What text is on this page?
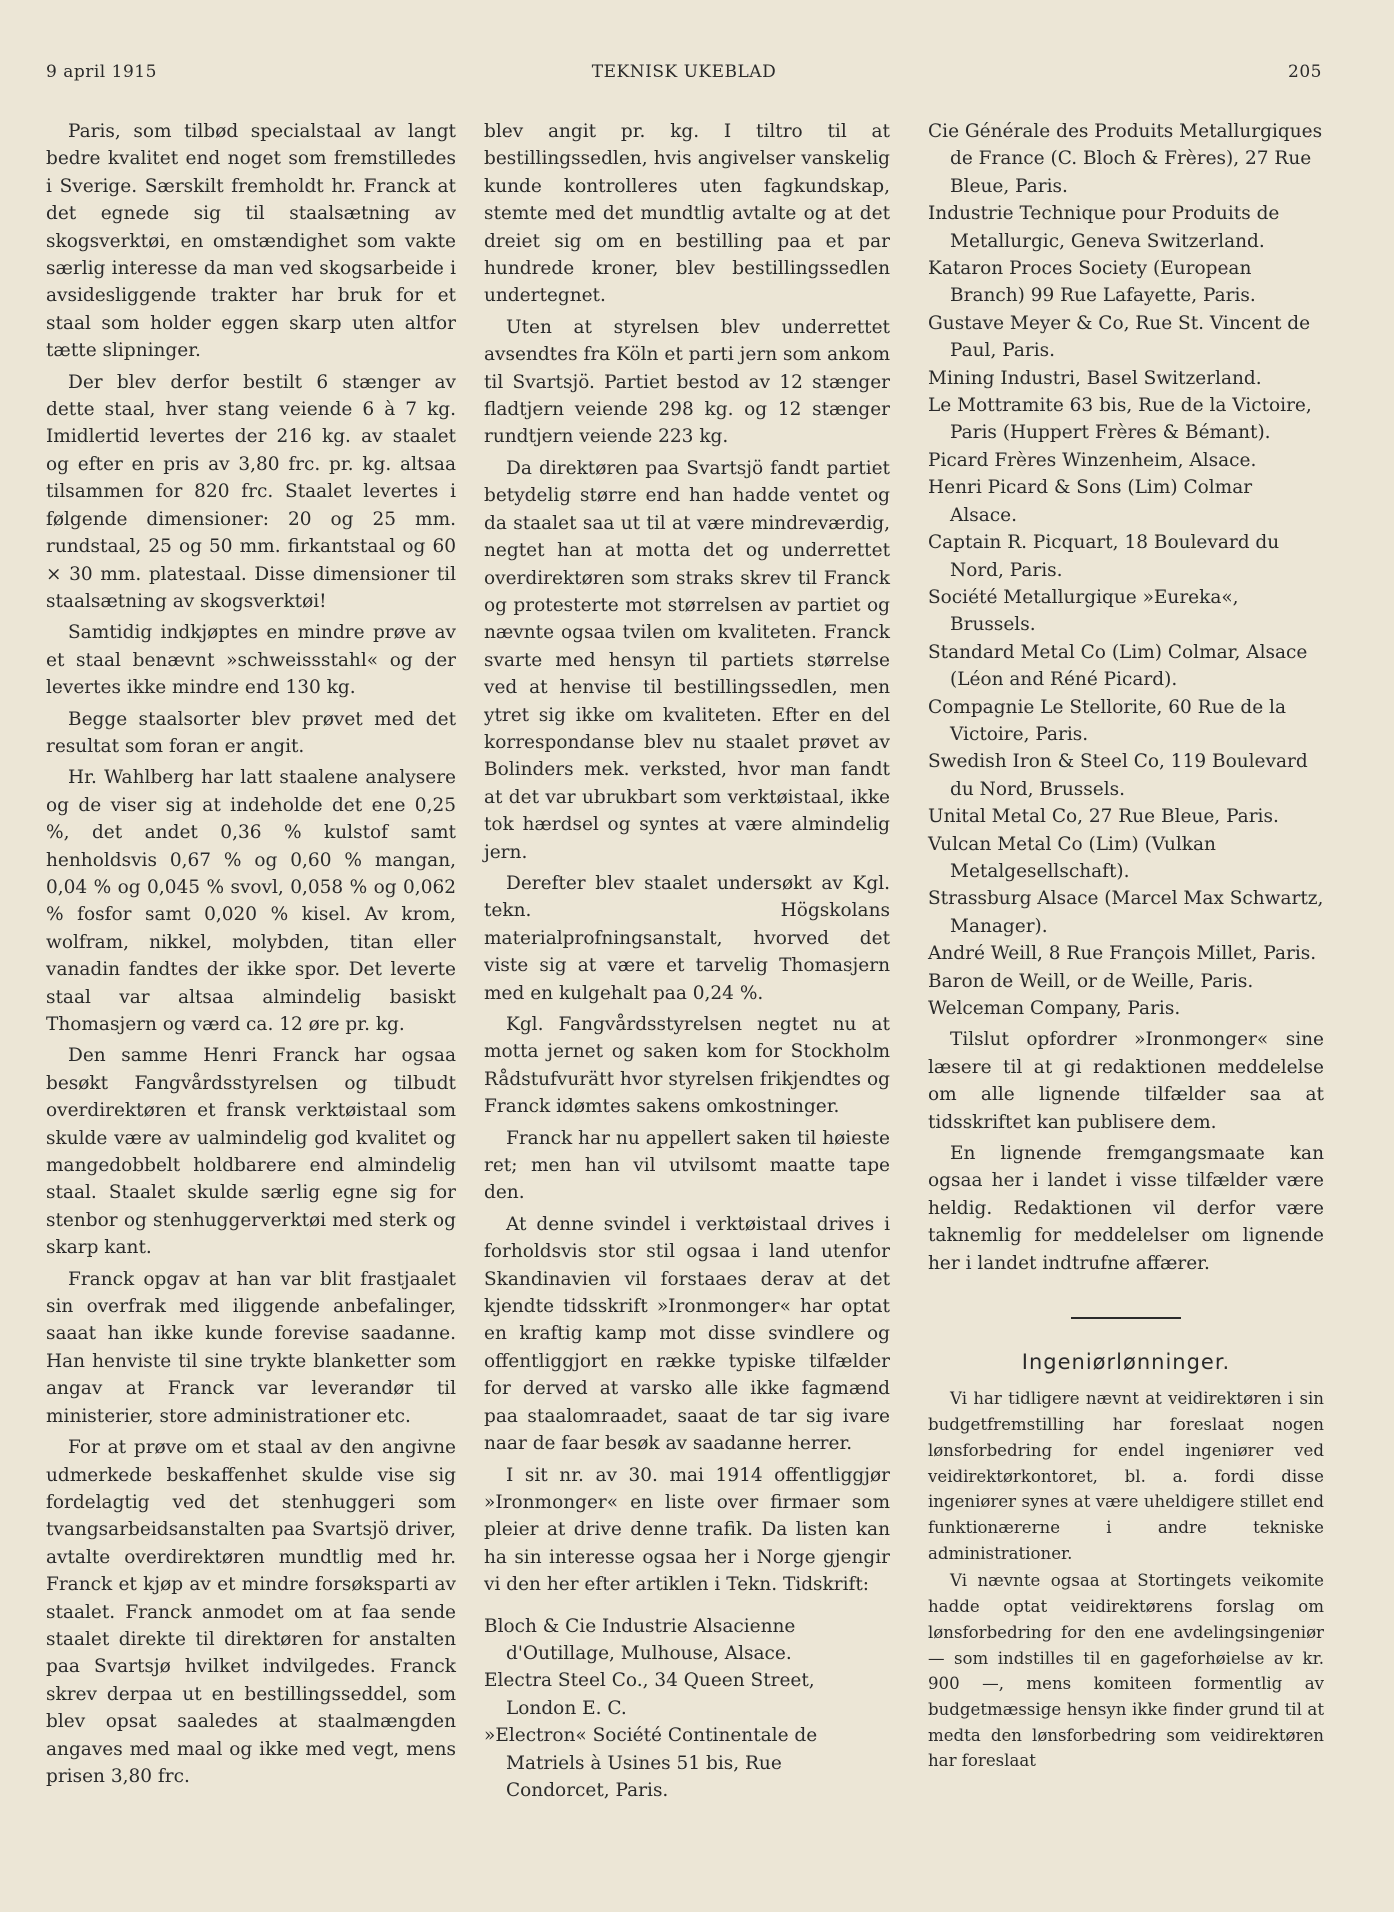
9 april 1915	TEKNISK UKEBLAD	205

Paris, som tilbød specialstaal av langt bedre kvalitet end noget som fremstilledes i Sverige. Særskilt fremholdt hr. Franck at det egnede sig til staalsætning av skogsverktøi, en omstændighet som vakte særlig interesse da man ved skogsarbeide i avsidesliggende trakter har bruk for et staal som holder eggen skarp uten altfor tætte slipninger.

Der blev derfor bestilt 6 stænger av dette staal, hver stang veiende 6 à 7 kg. Imidlertid levertes der 216 kg. av staalet og efter en pris av 3,80 frc. pr. kg. altsaa tilsammen for 820 frc. Staalet levertes i følgende dimensioner: 20 og 25 mm. rundstaal, 25 og 50 mm. firkantstaal og 60 × 30 mm. platestaal. Disse dimensioner til staalsætning av skogsverktøi!

Samtidig indkjøptes en mindre prøve av et staal benævnt »schweissstahl« og der levertes ikke mindre end 130 kg.

Begge staalsorter blev prøvet med det resultat som foran er angit.

Hr. Wahlberg har latt staalene analysere og de viser sig at indeholde det ene 0,25 %, det andet 0,36 % kulstof samt henholdsvis 0,67 % og 0,60 % mangan, 0,04 % og 0,045 % svovl, 0,058 % og 0,062 % fosfor samt 0,020 % kisel. Av krom, wolfram, nikkel, molybden, titan eller vanadin fandtes der ikke spor. Det leverte staal var altsaa almindelig basiskt Thomasjern og værd ca. 12 øre pr. kg.

Den samme Henri Franck har ogsaa besøkt Fangvårdsstyrelsen og tilbudt overdirektøren et fransk verktøistaal som skulde være av ualmindelig god kvalitet og mangedobbelt holdbarere end almindelig staal. Staalet skulde særlig egne sig for stenbor og stenhuggerverktøi med sterk og skarp kant.

Franck opgav at han var blit frastjaalet sin overfrak med iliggende anbefalinger, saaat han ikke kunde forevise saadanne. Han henviste til sine trykte blanketter som angav at Franck var leverandør til ministerier, store administrationer etc.

For at prøve om et staal av den angivne udmerkede beskaffenhet skulde vise sig fordelagtig ved det stenhuggeri som tvangsarbeidsanstalten paa Svartsjö driver, avtalte overdirektøren mundtlig med hr. Franck et kjøp av et mindre forsøksparti av staalet. Franck anmodet om at faa sende staalet direkte til direktøren for anstalten paa Svartsjø hvilket indvilgedes. Franck skrev derpaa ut en bestillingsseddel, som blev opsat saaledes at staalmængden angaves med maal og ikke med vegt, mens prisen 3,80 frc.

blev angit pr. kg. I tiltro til at bestillingssedlen, hvis angivelser vanskelig kunde kontrolleres uten fagkundskap, stemte med det mundtlig avtalte og at det dreiet sig om en bestilling paa et par hundrede kroner, blev bestillingssedlen undertegnet.

Uten at styrelsen blev underrettet avsendtes fra Köln et parti jern som ankom til Svartsjö. Partiet bestod av 12 stænger fladtjern veiende 298 kg. og 12 stænger rundtjern veiende 223 kg.

Da direktøren paa Svartsjö fandt partiet betydelig større end han hadde ventet og da staalet saa ut til at være mindreværdig, negtet han at motta det og underrettet overdirektøren som straks skrev til Franck og protesterte mot størrelsen av partiet og nævnte ogsaa tvilen om kvaliteten. Franck svarte med hensyn til partiets størrelse ved at henvise til bestillingssedlen, men ytret sig ikke om kvaliteten. Efter en del korrespondanse blev nu staalet prøvet av Bolinders mek. verksted, hvor man fandt at det var ubrukbart som verktøistaal, ikke tok hærdsel og syntes at være almindelig jern.

Derefter blev staalet undersøkt av Kgl. tekn. Högskolans materialprofningsanstalt, hvorved det viste sig at være et tarvelig Thomasjern med en kulgehalt paa 0,24 %.

Kgl. Fangvårdsstyrelsen negtet nu at motta jernet og saken kom for Stockholm Rådstufvurätt hvor styrelsen frikjendtes og Franck idømtes sakens omkostninger.

Franck har nu appellert saken til høieste ret; men han vil utvilsomt maatte tape den.

At denne svindel i verktøistaal drives i forholdsvis stor stil ogsaa i land utenfor Skandinavien vil forstaaes derav at det kjendte tidsskrift »Ironmonger« har optat en kraftig kamp mot disse svindlere og offentliggjort en række typiske tilfælder for derved at varsko alle ikke fagmænd paa staalomraadet, saaat de tar sig ivare naar de faar besøk av saadanne herrer.

I sit nr. av 30. mai 1914 offentliggjør »Ironmonger« en liste over firmaer som pleier at drive denne trafik. Da listen kan ha sin interesse ogsaa her i Norge gjengir vi den her efter artiklen i Tekn. Tidskrift:

Bloch & Cie Industrie Alsacienne d'Outillage, Mulhouse, Alsace.

Electra Steel Co., 34 Queen Street, London E. C.

»Electron« Société Continentale de Matriels à Usines 51 bis, Rue Condorcet, Paris.

Cie Générale des Produits Metallurgiques de France (C. Bloch & Frères), 27 Rue Bleue, Paris.

Industrie Technique pour Produits de Metallurgic, Geneva Switzerland.

Kataron Proces Society (European Branch) 99 Rue Lafayette, Paris.

Gustave Meyer & Co, Rue St. Vincent de Paul, Paris.

Mining Industri, Basel Switzerland.

Le Mottramite 63 bis, Rue de la Victoire, Paris (Huppert Frères & Bémant).

Picard Frères Winzenheim, Alsace.

Henri Picard & Sons (Lim) Colmar Alsace.

Captain R. Picquart, 18 Boulevard du Nord, Paris.

Société Metallurgique »Eureka«, Brussels.

Standard Metal Co (Lim) Colmar, Alsace (Léon and Réné Picard).

Compagnie Le Stellorite, 60 Rue de la Victoire, Paris.

Swedish Iron & Steel Co, 119 Boulevard du Nord, Brussels.

Unital Metal Co, 27 Rue Bleue, Paris.

Vulcan Metal Co (Lim) (Vulkan Metalgesellschaft).

Strassburg Alsace (Marcel Max Schwartz, Manager).

André Weill, 8 Rue François Millet, Paris.

Baron de Weill, or de Weille, Paris.

Welceman Company, Paris.

Tilslut opfordrer »Ironmonger« sine læsere til at gi redaktionen meddelelse om alle lignende tilfælder saa at tidsskriftet kan publisere dem.

En lignende fremgangsmaate kan ogsaa her i landet i visse tilfælder være heldig. Redaktionen vil derfor være taknemlig for meddelelser om lignende her i landet indtrufne affærer.

Ingeniørlønninger.

Vi har tidligere nævnt at veidirektøren i sin budgetfremstilling har foreslaat nogen lønsforbedring for endel ingeniører ved veidirektørkontoret, bl. a. fordi disse ingeniører synes at være uheldigere stillet end funktionærerne i andre tekniske administrationer.

Vi nævnte ogsaa at Stortingets veikomite hadde optat veidirektørens forslag om lønsforbedring for den ene avdelingsingeniør — som indstilles til en gageforhøielse av kr. 900 —, mens komiteen formentlig av budgetmæssige hensyn ikke finder grund til at medta den lønsforbedring som veidirektøren har foreslaat
